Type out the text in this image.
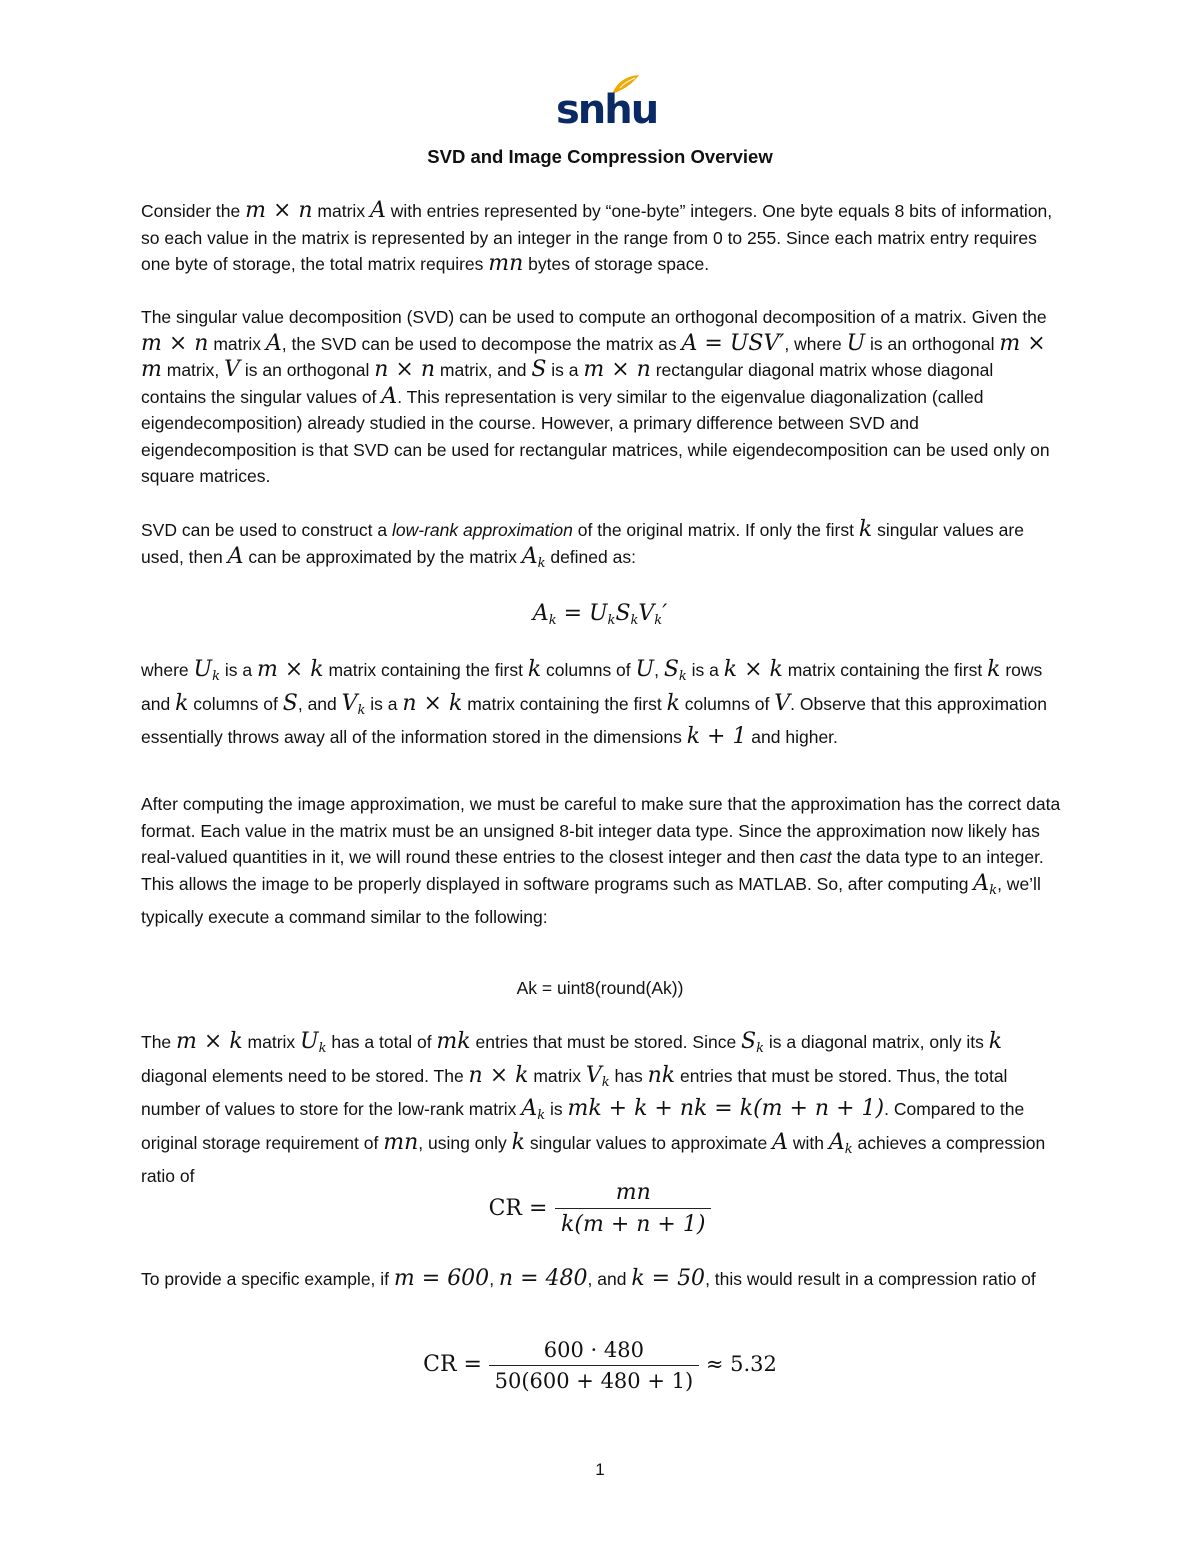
snhu
SVD and Image Compression Overview

Consider the m × n matrix A with entries represented by “one-byte” integers. One byte equals 8 bits of information, so each value in the matrix is represented by an integer in the range from 0 to 255. Since each matrix entry requires one byte of storage, the total matrix requires mn bytes of storage space.

The singular value decomposition (SVD) can be used to compute an orthogonal decomposition of a matrix. Given the m × n matrix A, the SVD can be used to decompose the matrix as A = USV′, where U is an orthogonal m × m matrix, V is an orthogonal n × n matrix, and S is a m × n rectangular diagonal matrix whose diagonal contains the singular values of A. This representation is very similar to the eigenvalue diagonalization (called eigendecomposition) already studied in the course. However, a primary difference between SVD and eigendecomposition is that SVD can be used for rectangular matrices, while eigendecomposition can be used only on square matrices.

SVD can be used to construct a low-rank approximation of the original matrix. If only the first k singular values are used, then A can be approximated by the matrix $A_k$ defined as:

$A_k = U_kS_kV_k'$

where $U_k$ is a m × k matrix containing the first k columns of U, $S_k$ is a k × k matrix containing the first k rows and k columns of S, and $V_k$ is a n × k matrix containing the first k columns of V. Observe that this approximation essentially throws away all of the information stored in the dimensions k + 1 and higher.

After computing the image approximation, we must be careful to make sure that the approximation has the correct data format. Each value in the matrix must be an unsigned 8-bit integer data type. Since the approximation now likely has real-valued quantities in it, we will round these entries to the closest integer and then cast the data type to an integer. This allows the image to be properly displayed in software programs such as MATLAB. So, after computing $A_k$, we’ll typically execute a command similar to the following:

Ak = uint8(round(Ak))

The m × k matrix $U_k$ has a total of mk entries that must be stored. Since $S_k$ is a diagonal matrix, only its k diagonal elements need to be stored. The n × k matrix $V_k$ has nk entries that must be stored. Thus, the total number of values to store for the low-rank matrix $A_k$ is mk + k + nk = k(m + n + 1). Compared to the original storage requirement of mn, using only k singular values to approximate A with $A_k$ achieves a compression ratio of

CR = $\frac{mn}{k(m + n + 1)}$

To provide a specific example, if m = 600, n = 480, and k = 50, this would result in a compression ratio of

CR = $\frac{600 \cdot 480}{50(600 + 480 + 1)} \approx 5.32$
1
